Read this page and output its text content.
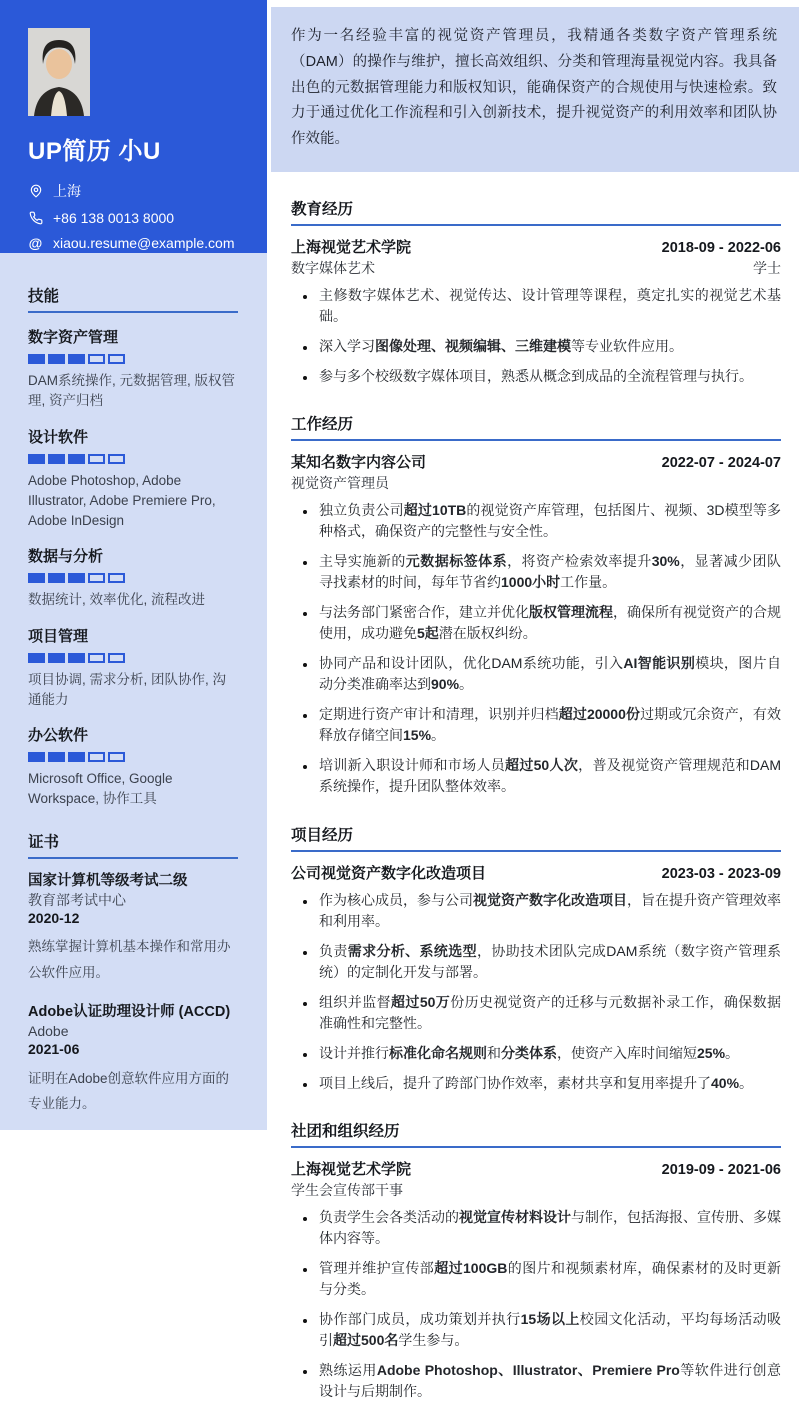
UP简历 小U
上海
+86 138 0013 8000
@ xiaou.resume@example.com
技能
数字资产管理
DAM系统操作, 元数据管理, 版权管理, 资产归档
设计软件
Adobe Photoshop, Adobe Illustrator, Adobe Premiere Pro, Adobe InDesign
数据与分析
数据统计, 效率优化, 流程改进
项目管理
项目协调, 需求分析, 团队协作, 沟通能力
办公软件
Microsoft Office, Google Workspace, 协作工具
证书
国家计算机等级考试二级
教育部考试中心
2020-12
熟练掌握计算机基本操作和常用办公软件应用。
Adobe认证助理设计师 (ACCD)
Adobe
2021-06
证明在Adobe创意软件应用方面的专业能力。
作为一名经验丰富的视觉资产管理员，我精通各类数字资产管理系统（DAM）的操作与维护，擅长高效组织、分类和管理海量视觉内容。我具备出色的元数据管理能力和版权知识，能确保资产的合规使用与快速检索。致力于通过优化工作流程和引入创新技术，提升视觉资产的利用效率和团队协作效能。
教育经历
上海视觉艺术学院	2018-09 - 2022-06
数字媒体艺术	学士
• 主修数字媒体艺术、视觉传达、设计管理等课程，奠定扎实的视觉艺术基础。
• 深入学习图像处理、视频编辑、三维建模等专业软件应用。
• 参与多个校级数字媒体项目，熟悉从概念到成品的全流程管理与执行。
工作经历
某知名数字内容公司	2022-07 - 2024-07
视觉资产管理员
• 独立负责公司超过10TB的视觉资产库管理，包括图片、视频、3D模型等多种格式，确保资产的完整性与安全性。
• 主导实施新的元数据标签体系，将资产检索效率提升30%，显著减少团队寻找素材的时间，每年节省约1000小时工作量。
• 与法务部门紧密合作，建立并优化版权管理流程，确保所有视觉资产的合规使用，成功避免5起潜在版权纠纷。
• 协同产品和设计团队，优化DAM系统功能，引入AI智能识别模块，图片自动分类准确率达到90%。
• 定期进行资产审计和清理，识别并归档超过20000份过期或冗余资产，有效释放存储空间15%。
• 培训新入职设计师和市场人员超过50人次，普及视觉资产管理规范和DAM系统操作，提升团队整体效率。
项目经历
公司视觉资产数字化改造项目	2023-03 - 2023-09
• 作为核心成员，参与公司视觉资产数字化改造项目，旨在提升资产管理效率和利用率。
• 负责需求分析、系统选型，协助技术团队完成DAM系统（数字资产管理系统）的定制化开发与部署。
• 组织并监督超过50万份历史视觉资产的迁移与元数据补录工作，确保数据准确性和完整性。
• 设计并推行标准化命名规则和分类体系，使资产入库时间缩短25%。
• 项目上线后，提升了跨部门协作效率，素材共享和复用率提升了40%。
社团和组织经历
上海视觉艺术学院	2019-09 - 2021-06
学生会宣传部干事
• 负责学生会各类活动的视觉宣传材料设计与制作，包括海报、宣传册、多媒体内容等。
• 管理并维护宣传部超过100GB的图片和视频素材库，确保素材的及时更新与分类。
• 协作部门成员，成功策划并执行15场以上校园文化活动，平均每场活动吸引超过500名学生参与。
• 熟练运用Adobe Photoshop、Illustrator、Premiere Pro等软件进行创意设计与后期制作。
